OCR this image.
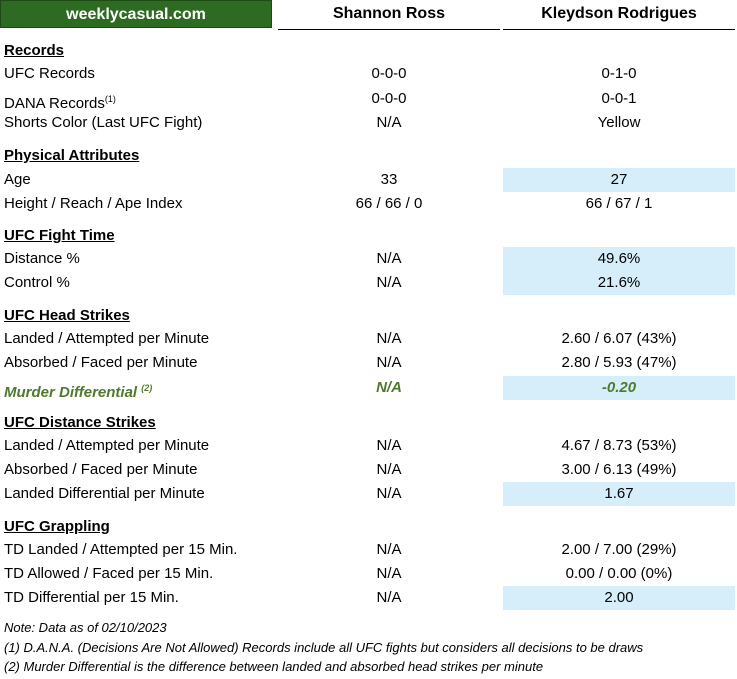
weeklycasual.com	Shannon Ross	Kleydson Rodrigues
Records
UFC Records	0-0-0	0-1-0
DANA Records$^{(1)}$	0-0-0	0-0-1
Shorts Color (Last UFC Fight)	N/A	Yellow
Physical Attributes
Age	33	27
Height / Reach / Ape Index	66 / 66 / 0	66 / 67 / 1
UFC Fight Time
Distance %	N/A	49.6%
Control %	N/A	21.6%
UFC Head Strikes
Landed / Attempted per Minute	N/A	2.60 / 6.07 (43%)
Absorbed / Faced per Minute	N/A	2.80 / 5.93 (47%)
Murder Differential $^{(2)}$	N/A	-0.20
UFC Distance Strikes
Landed / Attempted per Minute	N/A	4.67 / 8.73 (53%)
Absorbed / Faced per Minute	N/A	3.00 / 6.13 (49%)
Landed Differential per Minute	N/A	1.67
UFC Grappling
TD Landed / Attempted per 15 Min.	N/A	2.00 / 7.00 (29%)
TD Allowed / Faced per 15 Min.	N/A	0.00 / 0.00 (0%)
TD Differential per 15 Min.	N/A	2.00
Note: Data as of 02/10/2023
(1) D.A.N.A. (Decisions Are Not Allowed) Records include all UFC fights but considers all decisions to be draws
(2) Murder Differential is the difference between landed and absorbed head strikes per minute
